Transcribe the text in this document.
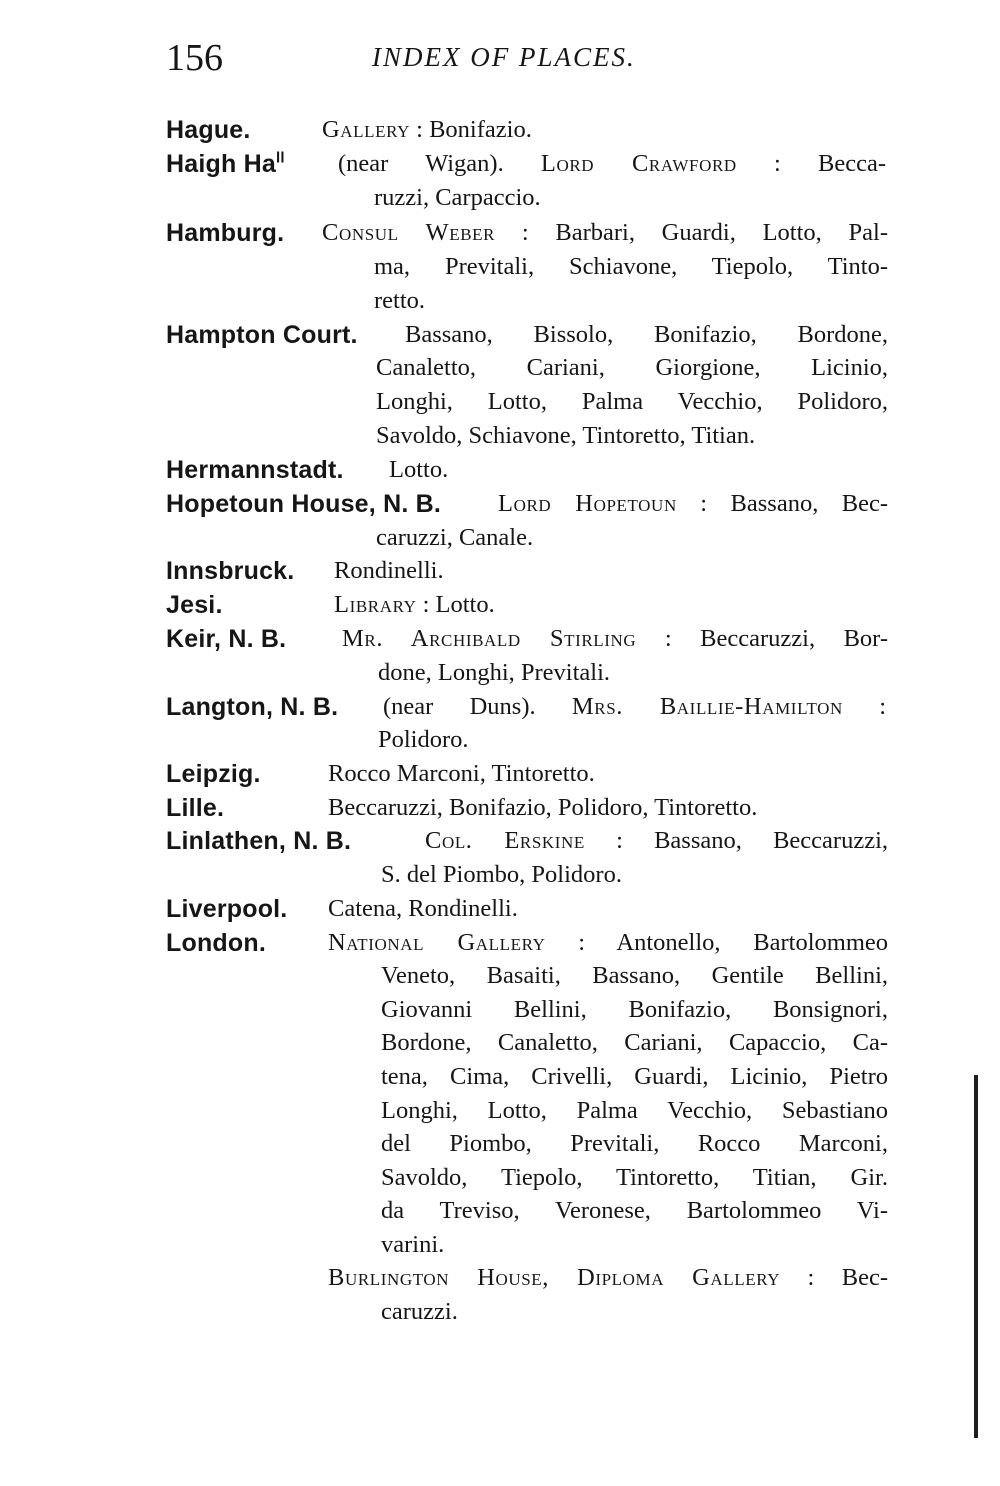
156	INDEX OF PLACES.
Hague.	Gallery : Bonifazio.
Haigh $Ha^{ll}$ (near Wigan). Lord Crawford : Becca-
ruzzi, Carpaccio.
Hamburg. Consul Weber : Barbari, Guardi, Lotto, Pal-
ma, Previtali, Schiavone, Tiepolo, Tinto-
retto.
Hampton Court. Bassano, Bissolo, Bonifazio, Bordone,
Canaletto, Cariani, Giorgione, Licinio,
Longhi, Lotto, Palma Vecchio, Polidoro,
Savoldo, Schiavone, Tintoretto, Titian.
Hermannstadt. Lotto.
Hopetoun House, N. B. Lord Hopetoun : Bassano, Bec-
caruzzi, Canale.
Innsbruck. Rondinelli.
Jesi.	Library : Lotto.
Keir, N. B. Mr. Archibald Stirling : Beccaruzzi, Bor-
done, Longhi, Previtali.
Langton, N. B. (near Duns). Mrs. Baillie-Hamilton :
Polidoro.
Leipzig.	Rocco Marconi, Tintoretto.
Lille.	Beccaruzzi, Bonifazio, Polidoro, Tintoretto.
Linlathen, N. B.	Col. Erskine : Bassano, Beccaruzzi,
S. del Piombo, Polidoro.
Liverpool. Catena, Rondinelli.
London.	National Gallery : Antonello, Bartolommeo
Veneto, Basaiti, Bassano, Gentile Bellini,
Giovanni Bellini, Bonifazio, Bonsignori,
Bordone, Canaletto, Cariani, Capaccio, Ca-
tena, Cima, Crivelli, Guardi, Licinio, Pietro
Longhi, Lotto, Palma Vecchio, Sebastiano
del Piombo, Previtali, Rocco Marconi,
Savoldo, Tiepolo, Tintoretto, Titian, Gir.
da Treviso, Veronese, Bartolommeo Vi-
varini.
Burlington House, Diploma Gallery : Bec-
caruzzi.
